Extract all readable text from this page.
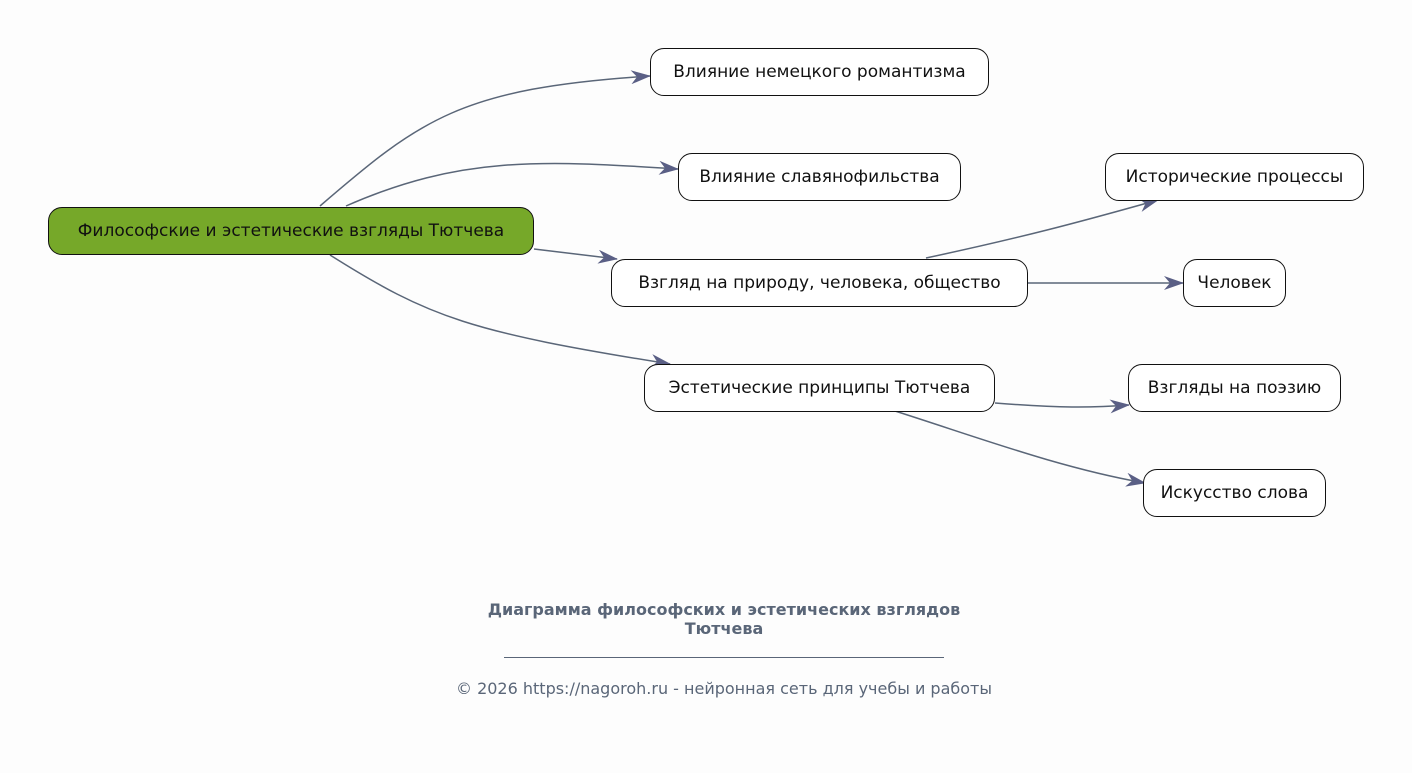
Философские и эстетические взгляды Тютчева
Влияние немецкого романтизма
Влияние славянофильства
Взгляд на природу, человека, общество
Эстетические принципы Тютчева
Исторические процессы
Человек
Взгляды на поэзию
Искусство слова
Диаграмма философских и эстетических взглядов
Тютчева
© 2026 https://nagoroh.ru - нейронная сеть для учебы и работы
